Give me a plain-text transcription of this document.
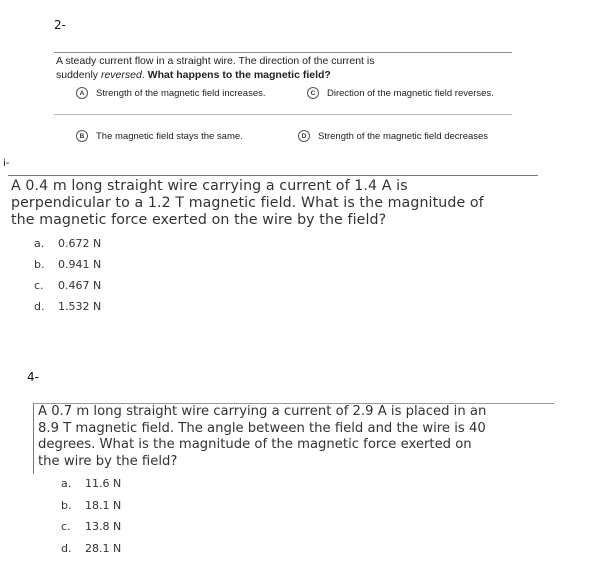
2-
A steady current flow in a straight wire. The direction of the current is
suddenly reversed. What happens to the magnetic field?
A	Strength of the magnetic field increases.	C	Direction of the magnetic field reverses.
B	The magnetic field stays the same.	D	Strength of the magnetic field decreases
i-
A 0.4 m long straight wire carrying a current of 1.4 A is
perpendicular to a 1.2 T magnetic field. What is the magnitude of
the magnetic force exerted on the wire by the field?
a.	0.672 N
b.	0.941 N
c.	0.467 N
d.	1.532 N
4-
A 0.7 m long straight wire carrying a current of 2.9 A is placed in an
8.9 T magnetic field. The angle between the field and the wire is 40
degrees. What is the magnitude of the magnetic force exerted on
the wire by the field?
a.	11.6 N
b.	18.1 N
c.	13.8 N
d.	28.1 N
